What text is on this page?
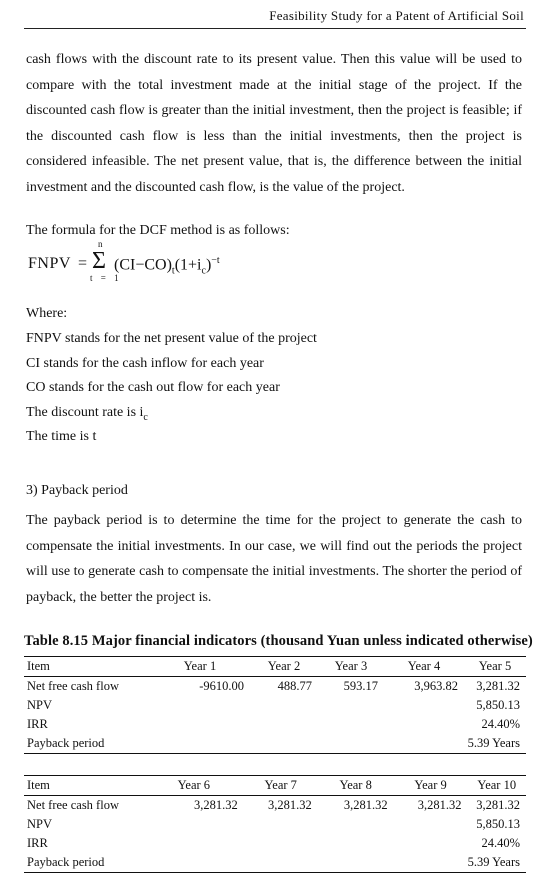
Feasibility Study for a Patent of Artificial Soil

cash flows with the discount rate to its present value. Then this value will be used to compare with the total investment made at the initial stage of the project. If the discounted cash flow is greater than the initial investment, then the project is feasible; if the discounted cash flow is less than the initial investments, then the project is considered infeasible. The net present value, that is, the difference between the initial investment and the discounted cash flow, is the value of the project.

The formula for the DCF method is as follows:

FNPV = Σ
n
t = 1
$(CI-CO)_t(1+i_c)^{-t}$

Where:

FNPV stands for the net present value of the project

CI stands for the cash inflow for each year

CO stands for the cash out flow for each year

The discount rate is $i_c$

The time is t

3) Payback period

The payback period is to determine the time for the project to generate the cash to compensate the initial investments. In our case, we will find out the periods the project will use to generate cash to compensate the initial investments. The shorter the period of payback, the better the project is.

Table 8.15 Major financial indicators (thousand Yuan unless indicated otherwise)
Item	Year 1	Year 2	Year 3	Year 4	Year 5
Net free cash flow	-9610.00	488.77	593.17	3,963.82	3,281.32
NPV					5,850.13
IRR					24.40%
Payback period					5.39 Years
Item	Year 6	Year 7	Year 8	Year 9	Year 10
Net free cash flow	3,281.32	3,281.32	3,281.32	3,281.32	3,281.32
NPV					5,850.13
IRR					24.40%
Payback period					5.39 Years
